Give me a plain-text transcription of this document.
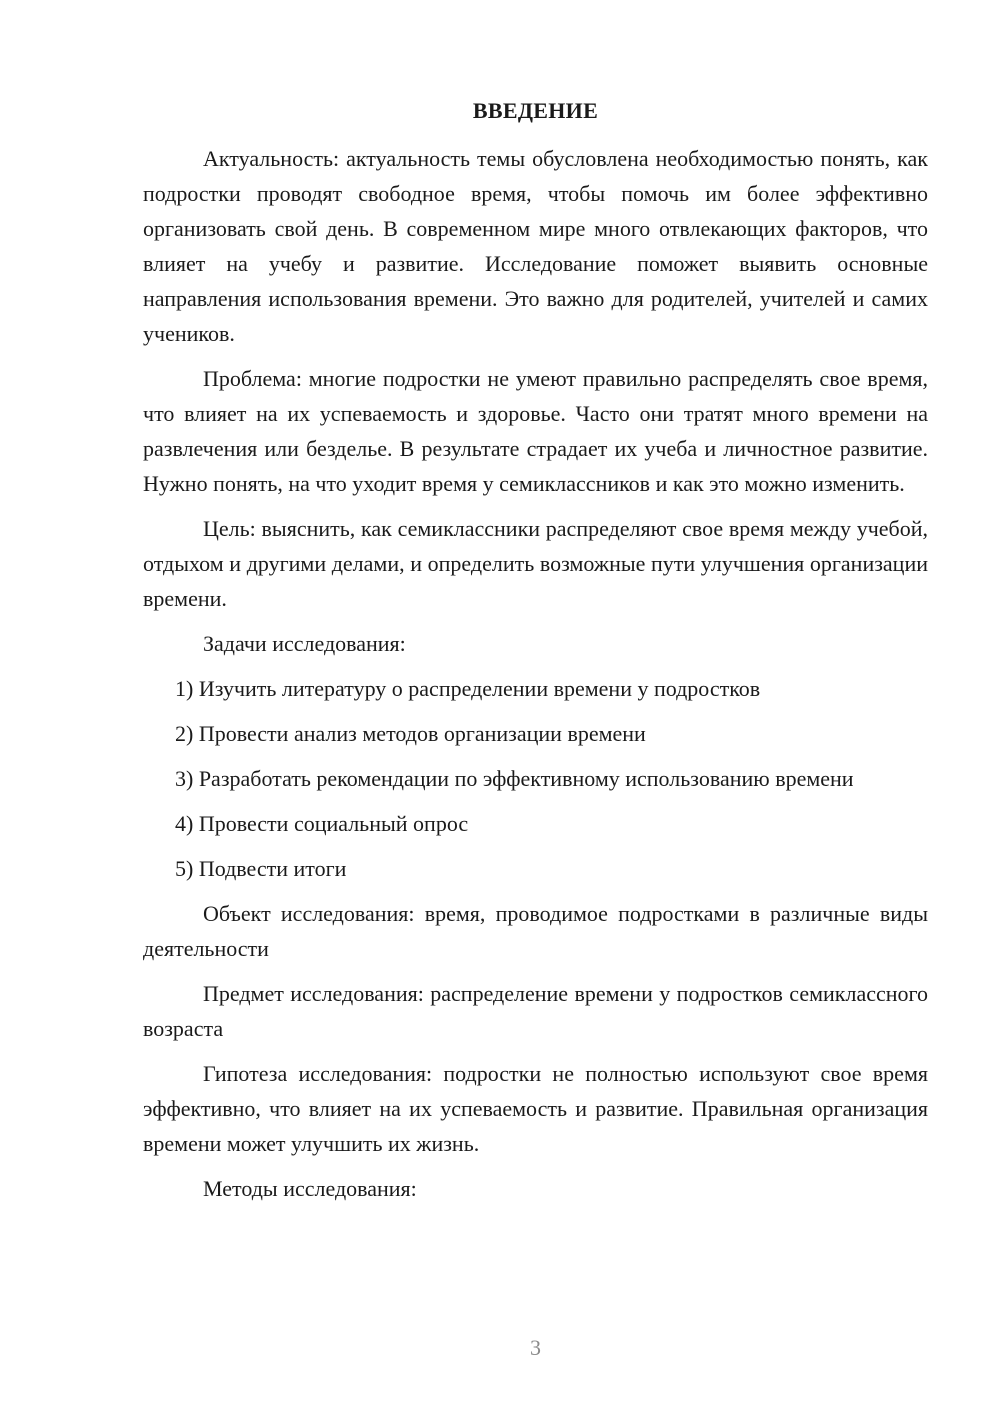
ВВЕДЕНИЕ

Актуальность: актуальность темы обусловлена необходимостью понять, как подростки проводят свободное время, чтобы помочь им более эффективно организовать свой день. В современном мире много отвлекающих факторов, что влияет на учебу и развитие. Исследование поможет выявить основные направления использования времени. Это важно для родителей, учителей и самих учеников.

Проблема: многие подростки не умеют правильно распределять свое время, что влияет на их успеваемость и здоровье. Часто они тратят много времени на развлечения или безделье. В результате страдает их учеба и личностное развитие. Нужно понять, на что уходит время у семиклассников и как это можно изменить.

Цель: выяснить, как семиклассники распределяют свое время между учебой, отдыхом и другими делами, и определить возможные пути улучшения организации времени.

Задачи исследования:

1) Изучить литературу о распределении времени у подростков

2) Провести анализ методов организации времени

3) Разработать рекомендации по эффективному использованию времени

4) Провести социальный опрос

5) Подвести итоги

Объект исследования: время, проводимое подростками в различные виды деятельности

Предмет исследования: распределение времени у подростков семиклассного возраста

Гипотеза исследования: подростки не полностью используют свое время эффективно, что влияет на их успеваемость и развитие. Правильная организация времени может улучшить их жизнь.

Методы исследования:

3
